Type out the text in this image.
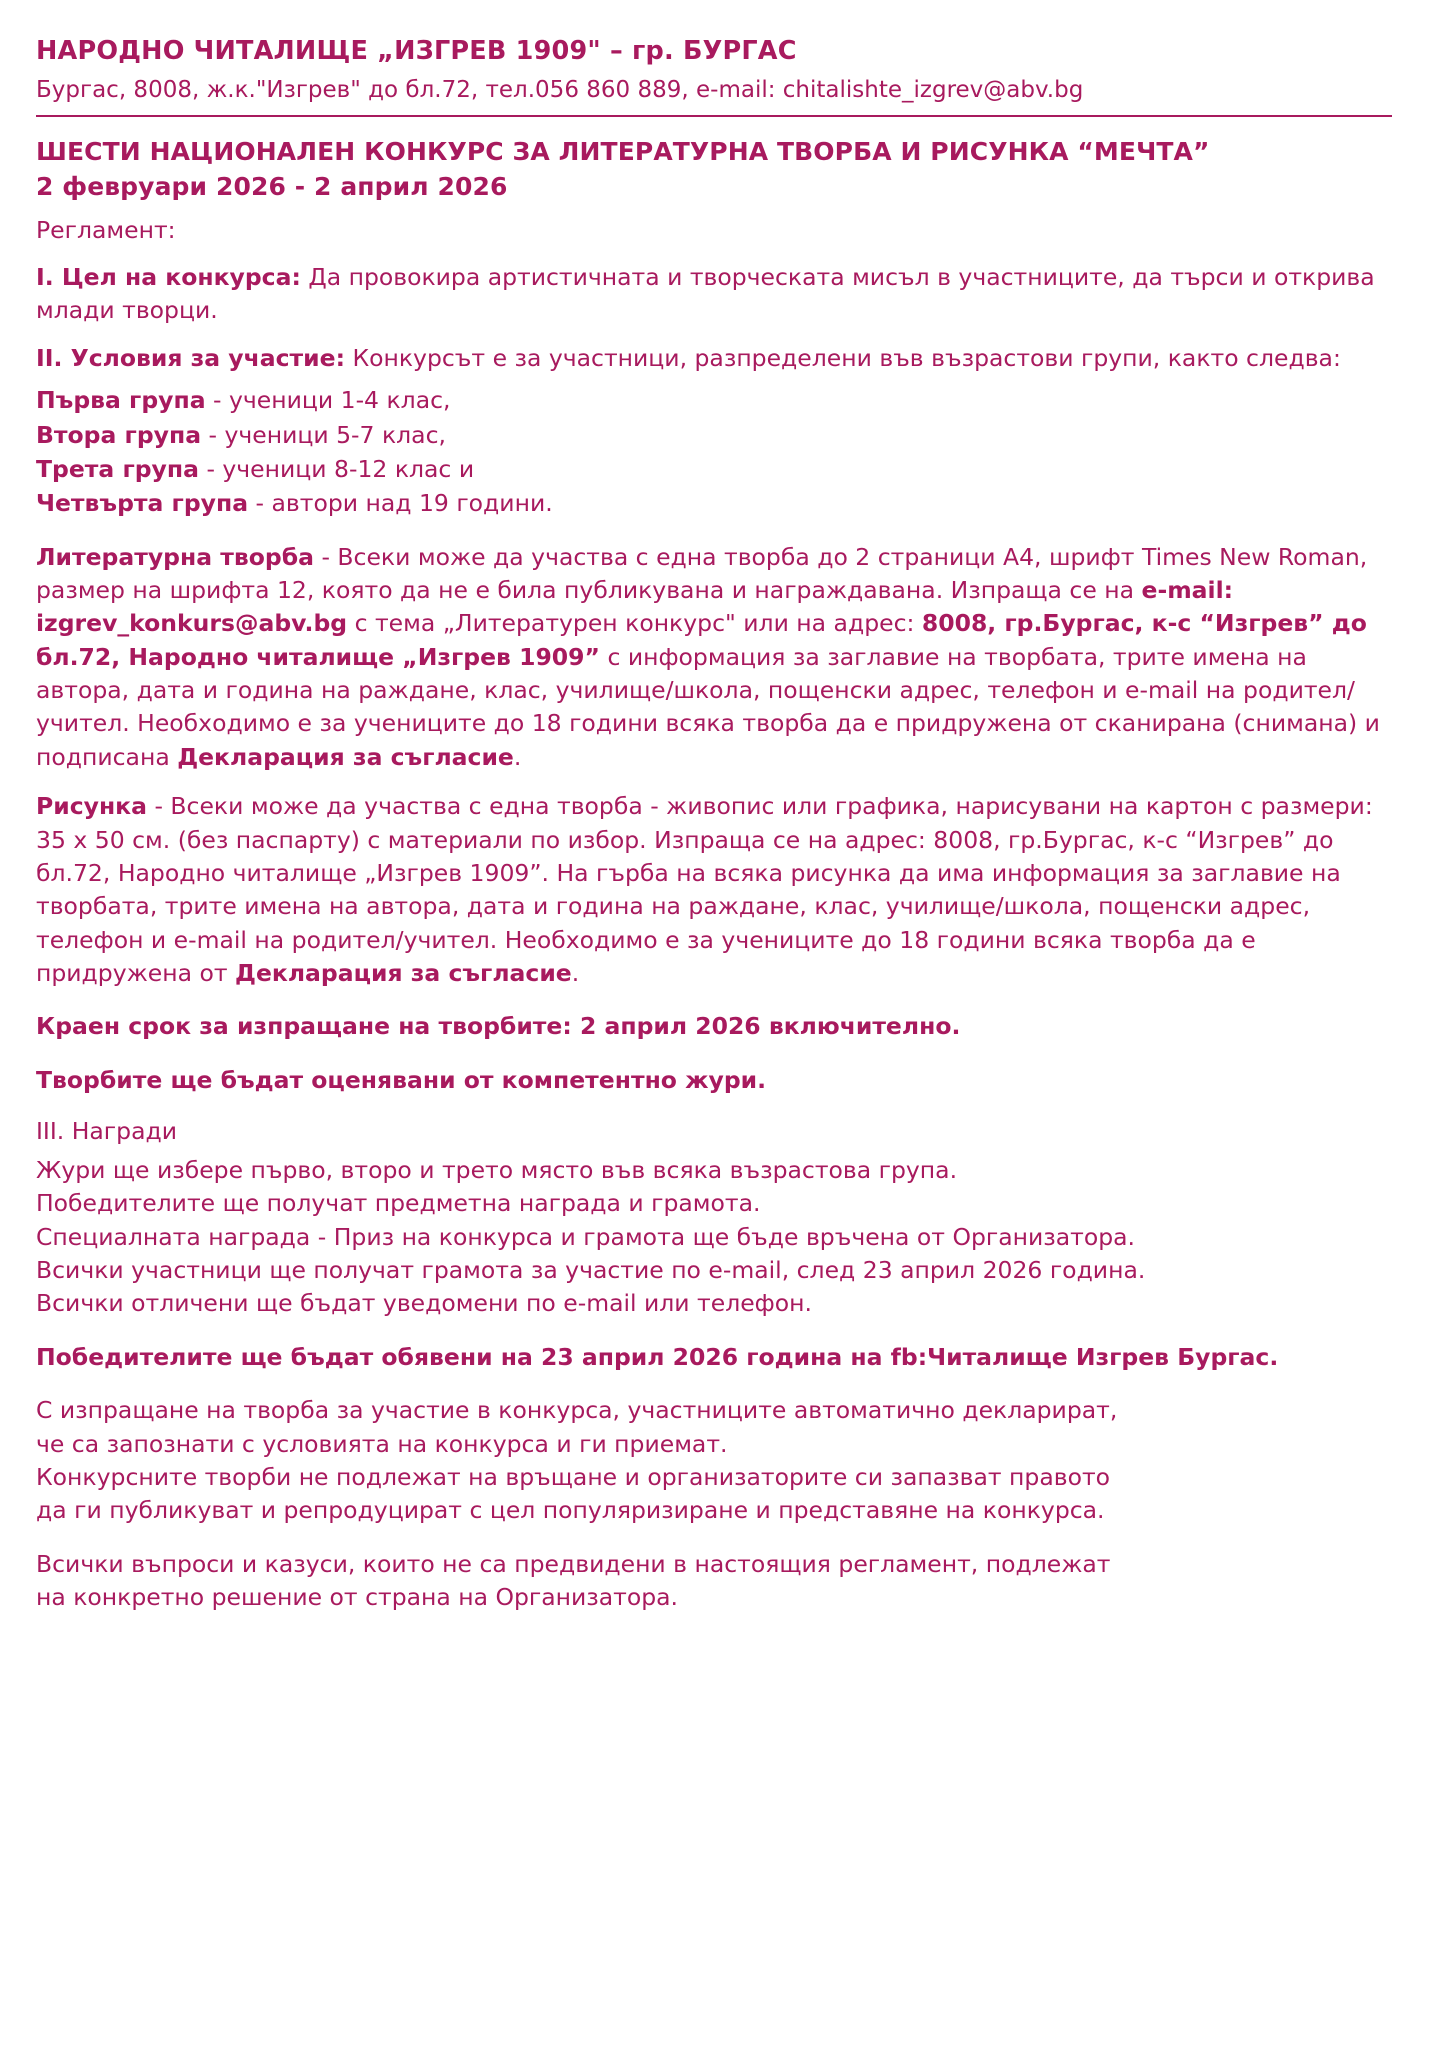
НАРОДНО ЧИТАЛИЩЕ „ИЗГРЕВ 1909" – гр. БУРГАС
Бургас, 8008, ж.к."Изгрев" до бл.72, тел.056 860 889, e-mail: chitalishte_izgrev@abv.bg
ШЕСТИ НАЦИОНАЛЕН КОНКУРС ЗА ЛИТЕРАТУРНА ТВОРБА И РИСУНКА “МЕЧТА”
2 февруари 2026 - 2 април 2026
Регламент:
I. Цел на конкурса: Да провокира артистичната и творческата мисъл в участниците, да търси и открива млади творци.
II. Условия за участие: Конкурсът е за участници, разпределени във възрастови групи, както следва:
Първа група - ученици 1-4 клас,
Втора група - ученици 5-7 клас,
Трета група - ученици 8-12 клас и
Четвърта група - автори над 19 години.
Литературна творба - Всеки може да участва с една творба до 2 страници А4, шрифт Times New Roman, размер на шрифта 12, която да не е била публикувана и награждавана. Изпраща се на e-mail: izgrev_konkurs@abv.bg с тема „Литературен конкурс" или на адрес: 8008, гр.Бургас, к-с “Изгрев” до бл.72, Народно читалище „Изгрев 1909” с информация за заглавие на творбата, трите имена на автора, дата и година на раждане, клас, училище/школа, пощенски адрес, телефон и e-mail на родител/учител. Необходимо е за учениците до 18 години всяка творба да е придружена от сканирана (снимана) и подписана Декларация за съгласие.
Рисунка - Всеки може да участва с една творба - живопис или графика, нарисувани на картон с размери: 35 х 50 см. (без паспарту) с материали по избор. Изпраща се на адрес: 8008, гр.Бургас, к-с “Изгрев” до бл.72, Народно читалище „Изгрев 1909”. На гърба на всяка рисунка да има информация за заглавие на творбата, трите имена на автора, дата и година на раждане, клас, училище/школа, пощенски адрес, телефон и e-mail на родител/учител. Необходимо е за учениците до 18 години всяка творба да е придружена от Декларация за съгласие.
Краен срок за изпращане на творбите: 2 април 2026 включително.
Творбите ще бъдат оценявани от компетентно жури.
III. Награди
Жури ще избере първо, второ и трето място във всяка възрастова група.
Победителите ще получат предметна награда и грамота.
Специалната награда - Приз на конкурса и грамота ще бъде връчена от Организатора.
Всички участници ще получат грамота за участие по e-mail, след 23 април 2026 година.
Всички отличени ще бъдат уведомени по e-mail или телефон.
Победителите ще бъдат обявени на 23 април 2026 година на fb:Читалище Изгрев Бургас.
С изпращане на творба за участие в конкурса, участниците автоматично декларират,
че са запознати с условията на конкурса и ги приемат.
Конкурсните творби не подлежат на връщане и организаторите си запазват правото
да ги публикуват и репродуцират с цел популяризиране и представяне на конкурса.
Всички въпроси и казуси, които не са предвидени в настоящия регламент, подлежат
на конкретно решение от страна на Организатора.
